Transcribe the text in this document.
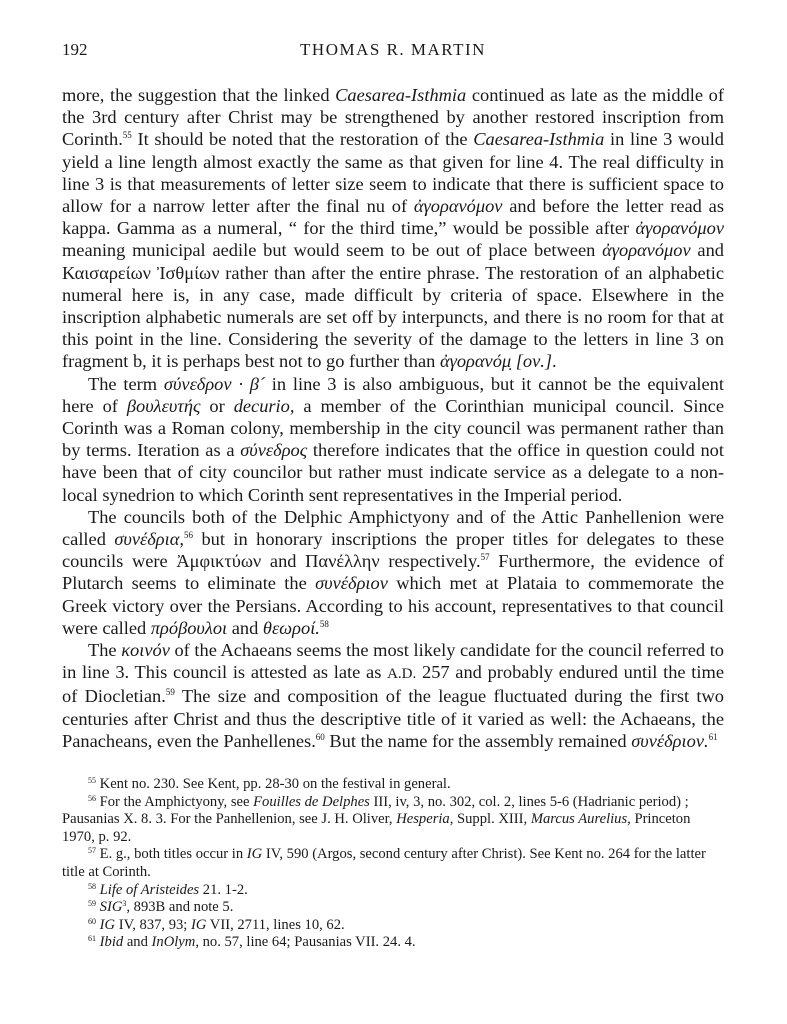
192	THOMAS R. MARTIN

more, the suggestion that the linked Caesarea-Isthmia continued as late as the middle of the 3rd century after Christ may be strengthened by another restored inscription from Corinth.$^{55}$ It should be noted that the restoration of the Caesarea-Isthmia in line 3 would yield a line length almost exactly the same as that given for line 4. The real difficulty in line 3 is that measurements of letter size seem to indicate that there is sufficient space to allow for a narrow letter after the final nu of ἀγορανόμον and before the letter read as kappa. Gamma as a numeral, “ for the third time,” would be possible after ἀγορανόμον meaning municipal aedile but would seem to be out of place between ἀγορανόμον and Καισαρείων Ἰσθμίων rather than after the entire phrase. The restoration of an alphabetic numeral here is, in any case, made difficult by criteria of space. Elsewhere in the inscription alphabetic numerals are set off by interpuncts, and there is no room for that at this point in the line. Considering the severity of the damage to the letters in line 3 on fragment b, it is perhaps best not to go further than ἀγορανόμ̣ [ον.].

The term σύνεδρον · β´ in line 3 is also ambiguous, but it cannot be the equivalent here of βουλευτής or decurio, a member of the Corinthian municipal council. Since Corinth was a Roman colony, membership in the city council was permanent rather than by terms. Iteration as a σύνεδρος therefore indicates that the office in question could not have been that of city councilor but rather must indicate service as a delegate to a non-local synedrion to which Corinth sent representatives in the Imperial period.

The councils both of the Delphic Amphictyony and of the Attic Panhellenion were called συνέδρια,$^{56}$ but in honorary inscriptions the proper titles for delegates to these councils were Ἀμφικτύων and Πανέλλην respectively.$^{57}$ Furthermore, the evidence of Plutarch seems to eliminate the συνέδριον which met at Plataia to commemorate the Greek victory over the Persians. According to his account, representatives to that council were called πρόβουλοι and θεωροί.$^{58}$

The κοινόν of the Achaeans seems the most likely candidate for the council referred to in line 3. This council is attested as late as A.D. 257 and probably endured until the time of Diocletian.$^{59}$ The size and composition of the league fluctuated during the first two centuries after Christ and thus the descriptive title of it varied as well: the Achaeans, the Panacheans, even the Panhellenes.$^{60}$ But the name for the assembly remained συνέδριον.$^{61}$

$^{55}$ Kent no. 230. See Kent, pp. 28-30 on the festival in general.

$^{56}$ For the Amphictyony, see Fouilles de Delphes III, iv, 3, no. 302, col. 2, lines 5-6 (Hadrianic period) ; Pausanias X. 8. 3. For the Panhellenion, see J. H. Oliver, Hesperia, Suppl. XIII, Marcus Aurelius, Princeton 1970, p. 92.

$^{57}$ E. g., both titles occur in IG IV, 590 (Argos, second century after Christ). See Kent no. 264 for the latter title at Corinth.

$^{58}$ Life of Aristeides 21. 1-2.

$^{59}$ SIG$^3$, 893B and note 5.

$^{60}$ IG IV, 837, 93; IG VII, 2711, lines 10, 62.

$^{61}$ Ibid and InOlym, no. 57, line 64; Pausanias VII. 24. 4.
